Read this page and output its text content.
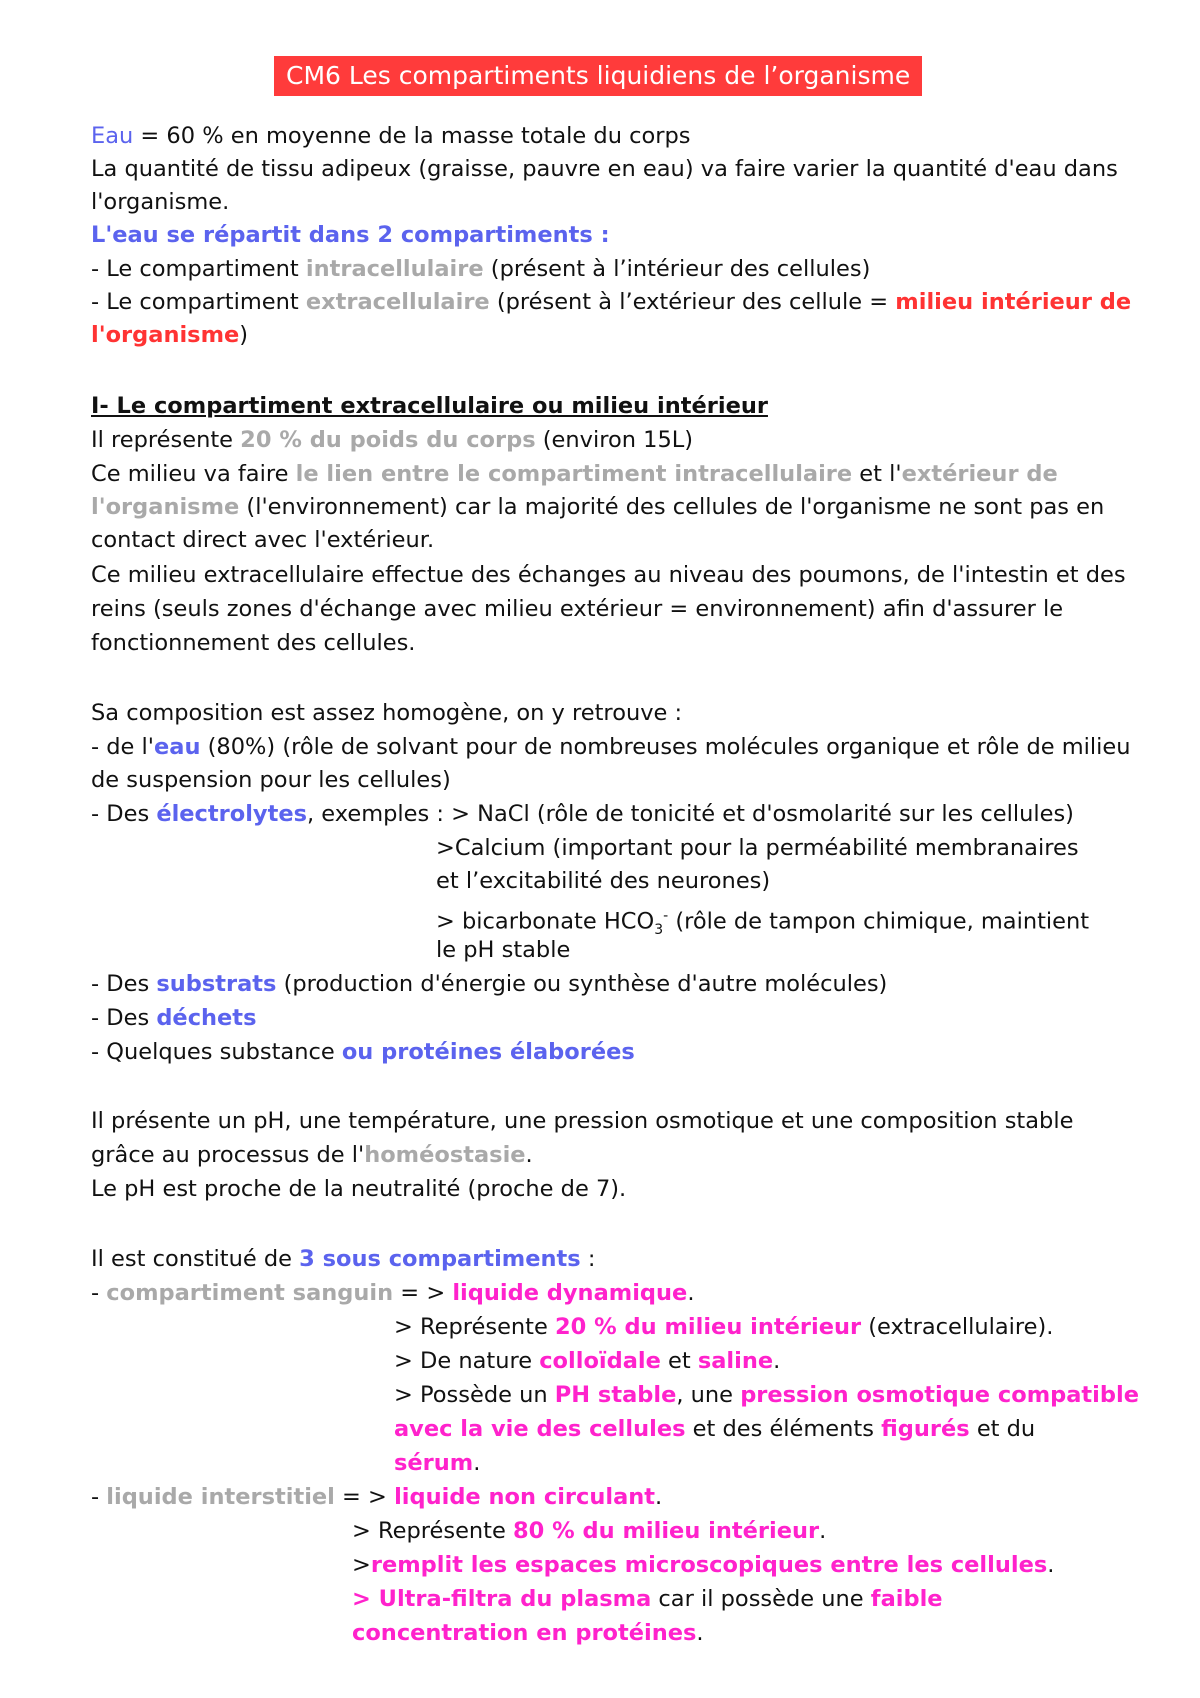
CM6 Les compartiments liquidiens de l’organisme
Eau = 60 % en moyenne de la masse totale du corps
La quantité de tissu adipeux (graisse, pauvre en eau) va faire varier la quantité d'eau dans
l'organisme.
L'eau se répartit dans 2 compartiments :
- Le compartiment intracellulaire (présent à l’intérieur des cellules)
- Le compartiment extracellulaire (présent à l’extérieur des cellule = milieu intérieur de
l'organisme)
I- Le compartiment extracellulaire ou milieu intérieur
Il représente 20 % du poids du corps (environ 15L)
Ce milieu va faire le lien entre le compartiment intracellulaire et l'extérieur de
l'organisme (l'environnement) car la majorité des cellules de l'organisme ne sont pas en
contact direct avec l'extérieur.
Ce milieu extracellulaire effectue des échanges au niveau des poumons, de l'intestin et des
reins (seuls zones d'échange avec milieu extérieur = environnement) afin d'assurer le
fonctionnement des cellules.
Sa composition est assez homogène, on y retrouve :
- de l'eau (80%) (rôle de solvant pour de nombreuses molécules organique et rôle de milieu
de suspension pour les cellules)
- Des électrolytes, exemples : > NaCl (rôle de tonicité et d'osmolarité sur les cellules)
>Calcium (important pour la perméabilité membranaires
et l’excitabilité des neurones)
> bicarbonate $HCO_3^-$ (rôle de tampon chimique, maintient
le pH stable
- Des substrats (production d'énergie ou synthèse d'autre molécules)
- Des déchets
- Quelques substance ou protéines élaborées
Il présente un pH, une température, une pression osmotique et une composition stable
grâce au processus de l'homéostasie.
Le pH est proche de la neutralité (proche de 7).
Il est constitué de 3 sous compartiments :
- compartiment sanguin = > liquide dynamique.
> Représente 20 % du milieu intérieur (extracellulaire).
> De nature colloïdale et saline.
> Possède un PH stable, une pression osmotique compatible
avec la vie des cellules et des éléments figurés et du
sérum.
- liquide interstitiel = > liquide non circulant.
> Représente 80 % du milieu intérieur.
>remplit les espaces microscopiques entre les cellules.
> Ultra-filtra du plasma car il possède une faible
concentration en protéines.
